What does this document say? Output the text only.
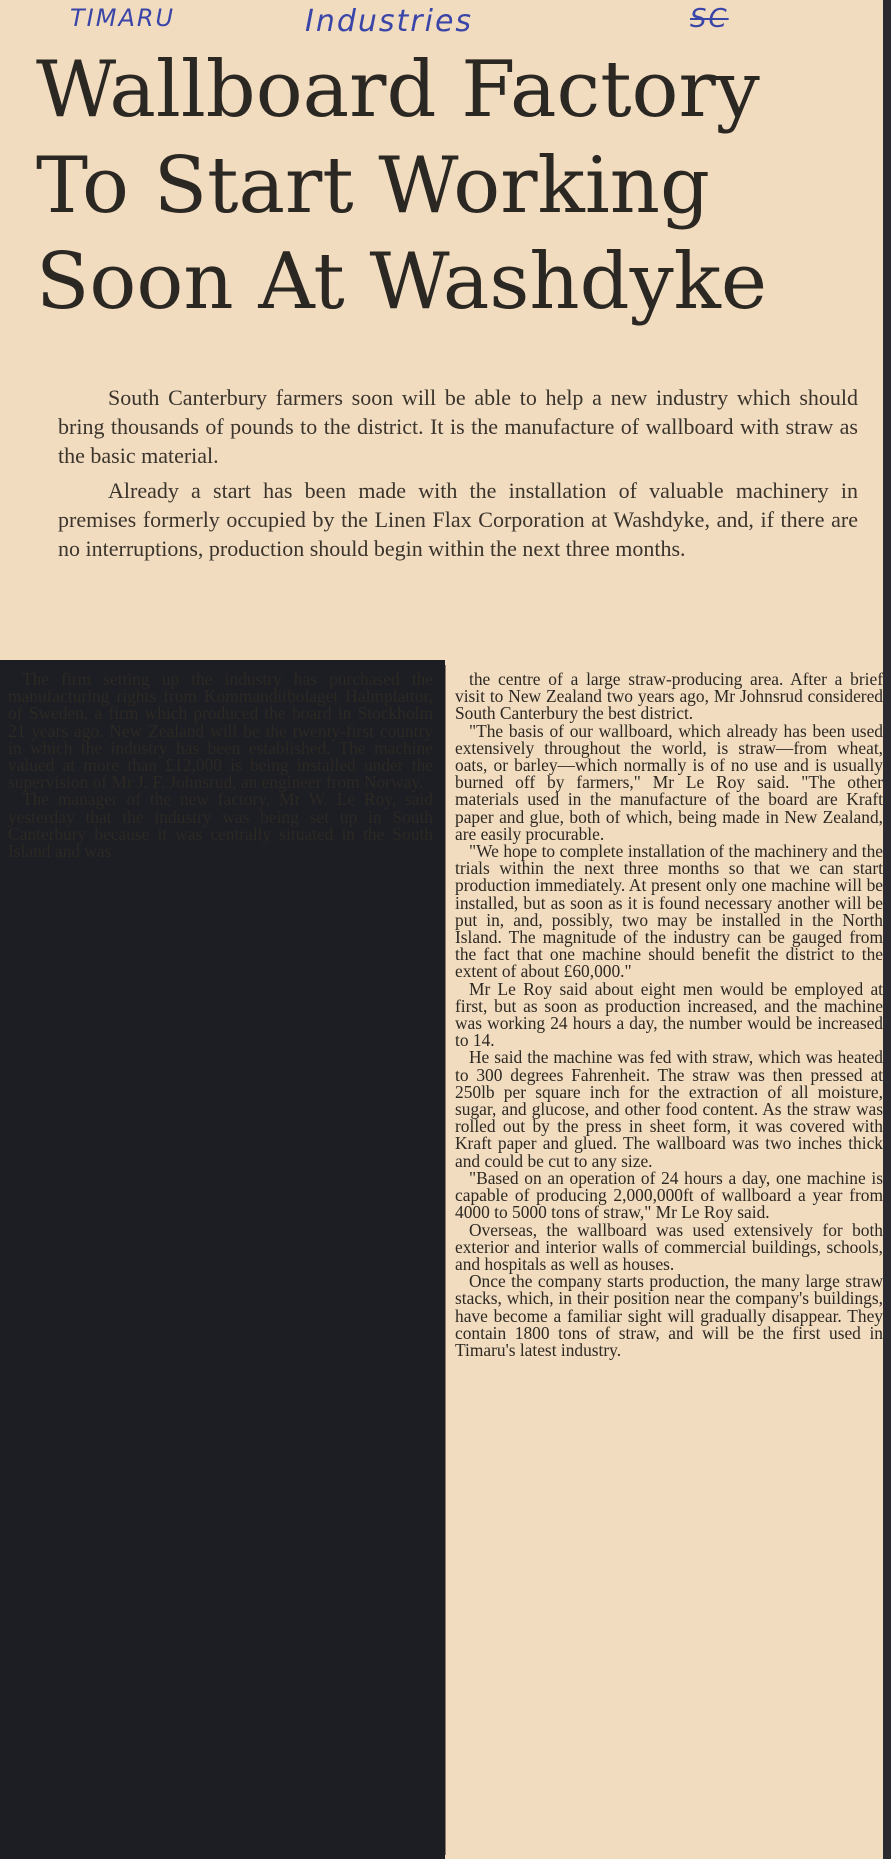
TIMARU	Industries	SC
Wallboard Factory
To Start Working
Soon At Washdyke

South Canterbury farmers soon will be able to help a new industry which should bring thousands of pounds to the district. It is the manufacture of wallboard with straw as the basic material.

Already a start has been made with the installation of valuable machinery in premises formerly occupied by the Linen Flax Corporation at Washdyke, and, if there are no interruptions, production should begin within the next three months.

The firm setting up the industry has purchased the manufacturing rights from Kommanditbolaget Halmplattor, of Sweden, a firm which produced the board in Stockholm 21 years ago. New Zealand will be the twenty-first country in which the industry has been established. The machine valued at more than £12,000 is being installed under the supervision of Mr J. F. Johnsrud, an engineer from Norway.

The manager of the new factory, Mr W. Le Roy, said yesterday that the industry was being set up in South Canterbury because it was centrally situated in the South Island and was

the centre of a large straw-producing area. After a brief visit to New Zealand two years ago, Mr Johnsrud considered South Canterbury the best district.

"The basis of our wallboard, which already has been used extensively throughout the world, is straw—from wheat, oats, or barley—which normally is of no use and is usually burned off by farmers," Mr Le Roy said. "The other materials used in the manufacture of the board are Kraft paper and glue, both of which, being made in New Zealand, are easily procurable.

"We hope to complete installation of the machinery and the trials within the next three months so that we can start production immediately. At present only one machine will be installed, but as soon as it is found necessary another will be put in, and, possibly, two may be installed in the North Island. The magnitude of the industry can be gauged from the fact that one machine should benefit the district to the extent of about £60,000."

Mr Le Roy said about eight men would be employed at first, but as soon as production increased, and the machine was working 24 hours a day, the number would be increased to 14.

He said the machine was fed with straw, which was heated to 300 degrees Fahrenheit. The straw was then pressed at 250lb per square inch for the extraction of all moisture, sugar, and glucose, and other food content. As the straw was rolled out by the press in sheet form, it was covered with Kraft paper and glued. The wallboard was two inches thick and could be cut to any size.

"Based on an operation of 24 hours a day, one machine is capable of producing 2,000,000ft of wallboard a year from 4000 to 5000 tons of straw," Mr Le Roy said.

Overseas, the wallboard was used extensively for both exterior and interior walls of commercial buildings, schools, and hospitals as well as houses.

Once the company starts production, the many large straw stacks, which, in their position near the company's buildings, have become a familiar sight will gradually disappear. They contain 1800 tons of straw, and will be the first used in Timaru's latest industry.
